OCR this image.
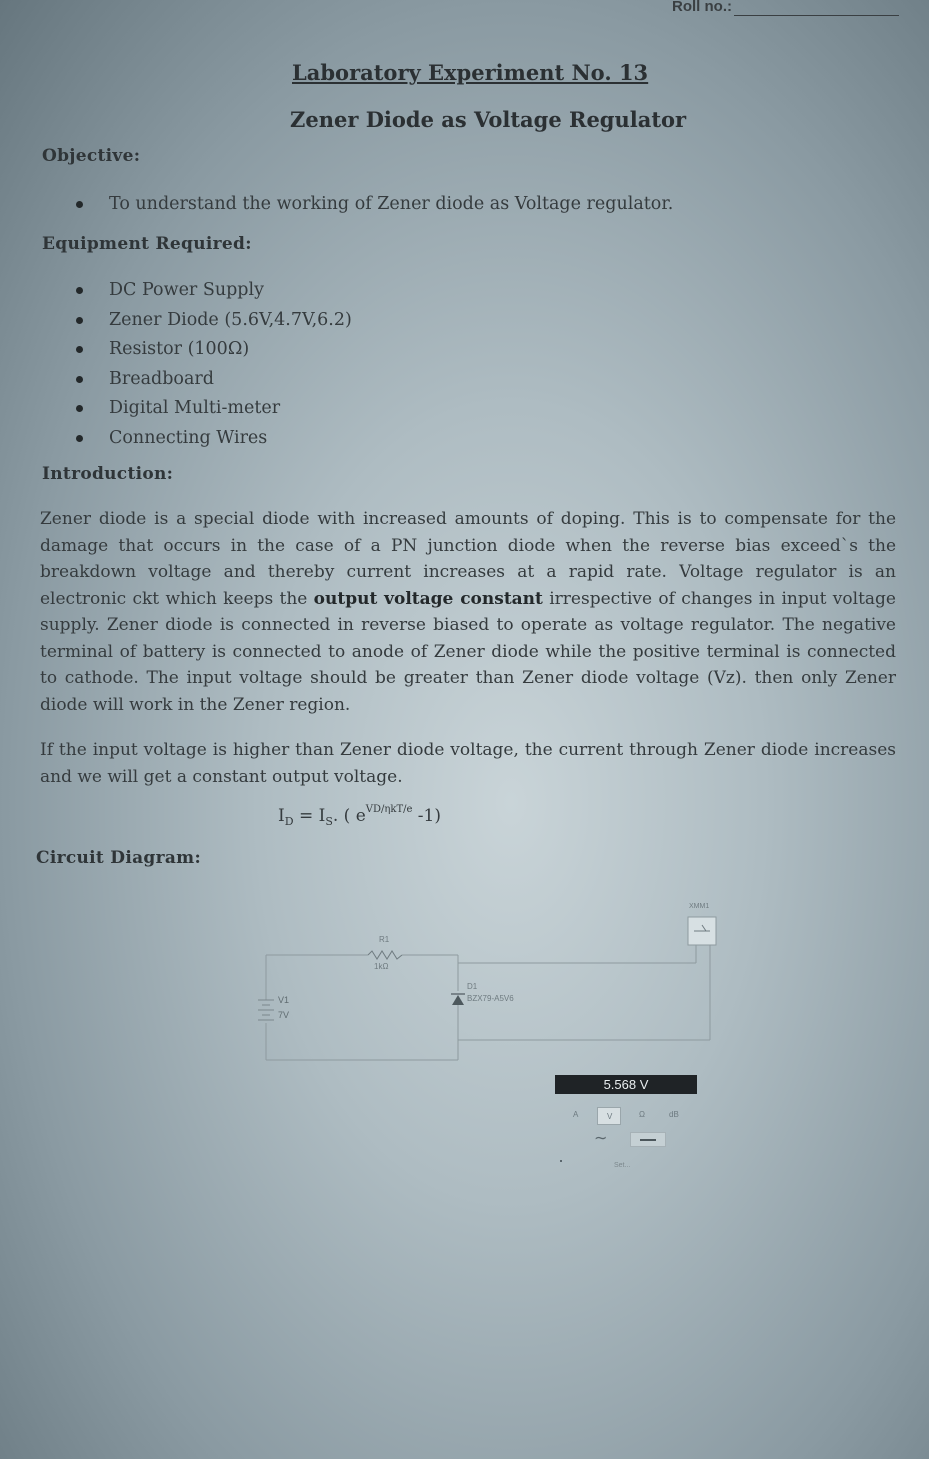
Roll no.:
Laboratory Experiment No. 13
Zener Diode as Voltage Regulator
Objective:
To understand the working of Zener diode as Voltage regulator.
Equipment Required:
DC Power Supply
Zener Diode (5.6V,4.7V,6.2)
Resistor (100Ω)
Breadboard
Digital Multi-meter
Connecting Wires
Introduction:
Zener diode is a special diode with increased amounts of doping. This is to compensate for the damage that occurs in the case of a PN junction diode when the reverse bias exceed`s the breakdown voltage and thereby current increases at a rapid rate. Voltage regulator is an electronic ckt which keeps the output voltage constant irrespective of changes in input voltage supply. Zener diode is connected in reverse biased to operate as voltage regulator. The negative terminal of battery is connected to anode of Zener diode while the positive terminal is connected to cathode. The input voltage should be greater than Zener diode voltage (Vz). then only Zener diode will work in the Zener region.
If the input voltage is higher than Zener diode voltage, the current through Zener diode increases and we will get a constant output voltage.
$I_D = I_S$. ( $e^{VD/\eta kT/e}$ -1)
Circuit Diagram:
R1
1kΩ
V1
7V
D1
BZX79-A5V6
XMM1
5.568 V
A	V	Ω	dB
∼
Set...
